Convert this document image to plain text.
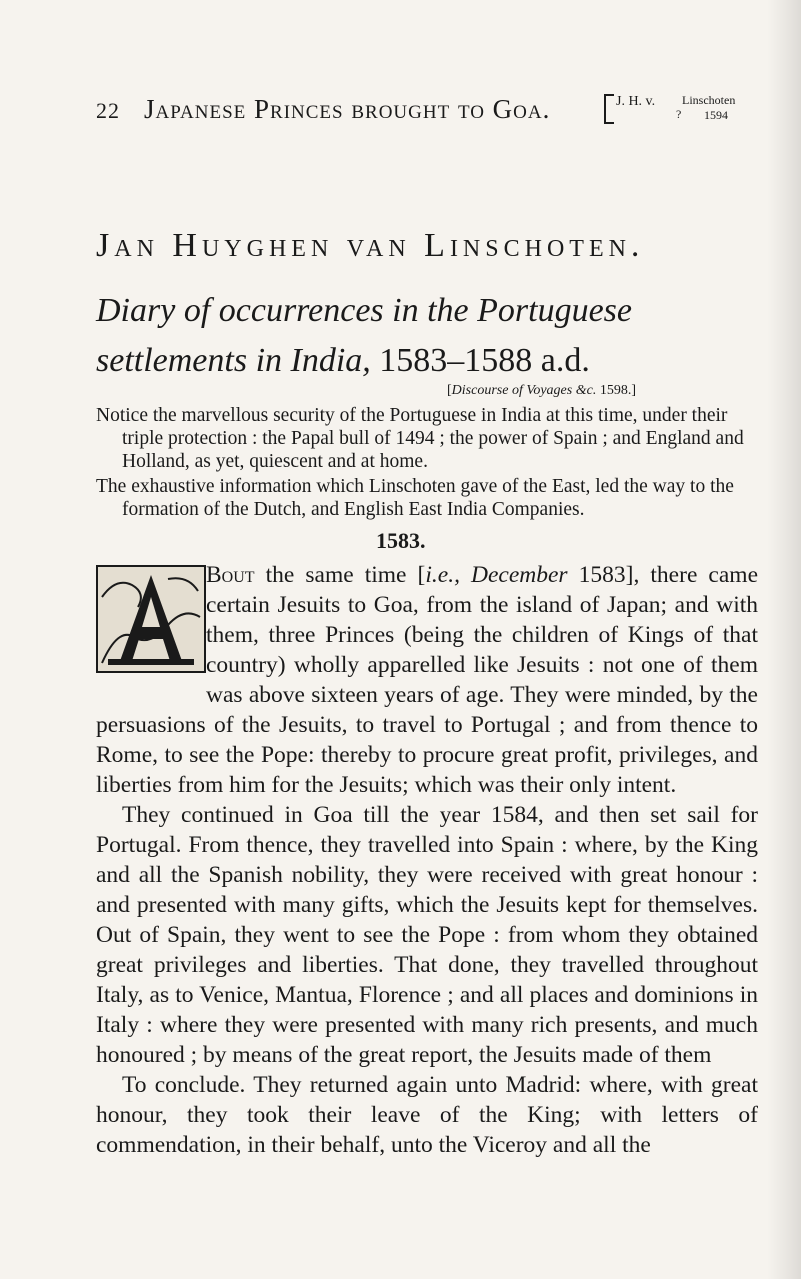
22 Japanese Princes brought to Goa.	J. H. v. Linschoten
? 1594
Jan Huyghen van Linschoten.
Diary of occurrences in the Portuguese settlements in India, 1583–1588 a.d.
[Discourse of Voyages &c. 1598.]

Notice the marvellous security of the Portuguese in India at this time, under their triple protection : the Papal bull of 1494 ; the power of Spain ; and England and Holland, as yet, quiescent and at home.

The exhaustive information which Linschoten gave of the East, led the way to the formation of the Dutch, and English East India Companies.

1583.

Bout the same time [i.e., December 1583], there came certain Jesuits to Goa, from the island of Japan; and with them, three Princes (being the children of Kings of that country) wholly apparelled like Jesuits : not one of them was above sixteen years of age. They were minded, by the persuasions of the Jesuits, to travel to Portugal ; and from thence to Rome, to see the Pope: thereby to procure great profit, privileges, and liberties from him for the Jesuits; which was their only intent.

They continued in Goa till the year 1584, and then set sail for Portugal. From thence, they travelled into Spain : where, by the King and all the Spanish nobility, they were received with great honour : and presented with many gifts, which the Jesuits kept for themselves. Out of Spain, they went to see the Pope : from whom they obtained great privileges and liberties. That done, they travelled throughout Italy, as to Venice, Mantua, Florence ; and all places and dominions in Italy : where they were presented with many rich presents, and much honoured ; by means of the great report, the Jesuits made of them

To conclude. They returned again unto Madrid: where, with great honour, they took their leave of the King; with letters of commendation, in their behalf, unto the Viceroy and all the
